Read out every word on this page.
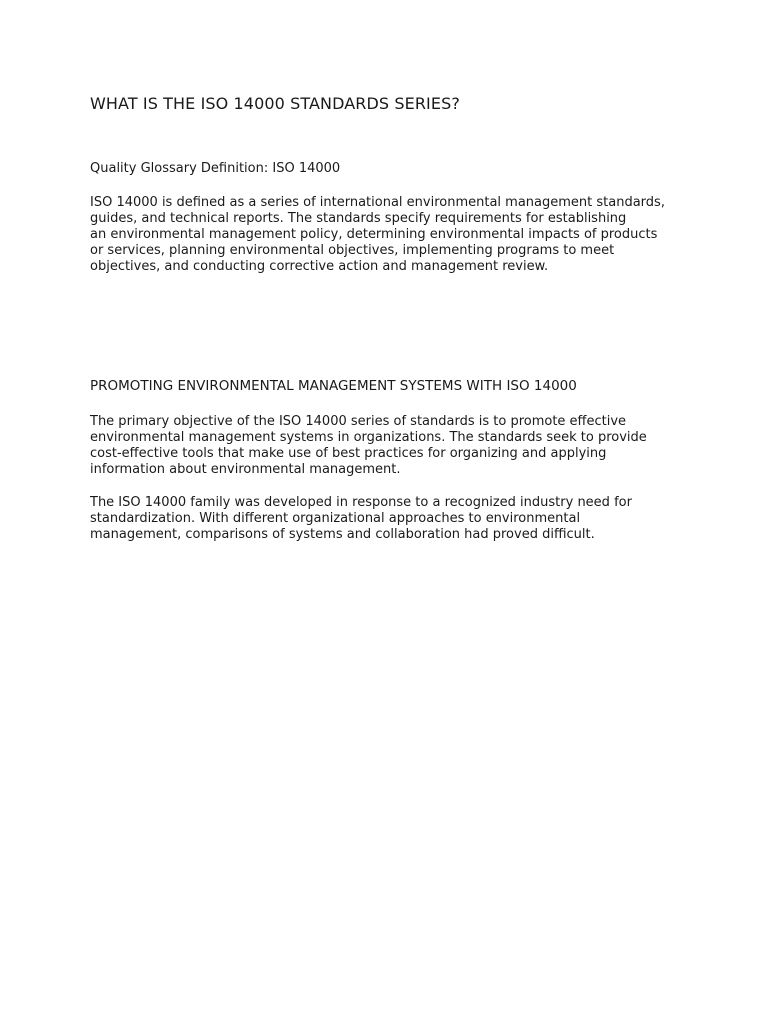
WHAT IS THE ISO 14000 STANDARDS SERIES?

Quality Glossary Definition: ISO 14000

ISO 14000 is defined as a series of international environmental management standards,
guides, and technical reports. The standards specify requirements for establishing
an environmental management policy, determining environmental impacts of products
or services, planning environmental objectives, implementing programs to meet
objectives, and conducting corrective action and management review.

PROMOTING ENVIRONMENTAL MANAGEMENT SYSTEMS WITH ISO 14000

The primary objective of the ISO 14000 series of standards is to promote effective
environmental management systems in organizations. The standards seek to provide
cost-effective tools that make use of best practices for organizing and applying
information about environmental management.

The ISO 14000 family was developed in response to a recognized industry need for
standardization. With different organizational approaches to environmental
management, comparisons of systems and collaboration had proved difficult.
